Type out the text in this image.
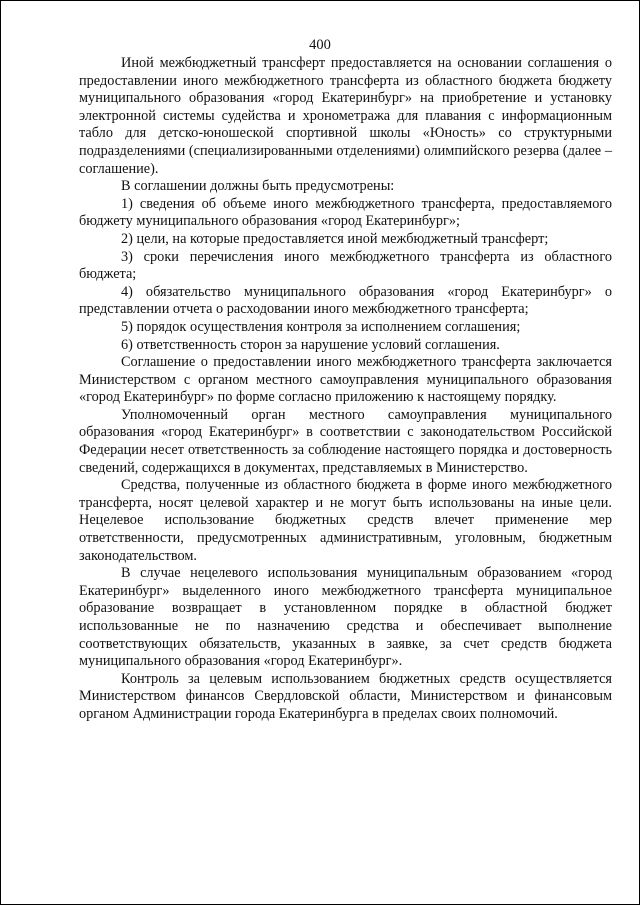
400

Иной межбюджетный трансферт предоставляется на основании соглашения о предоставлении иного межбюджетного трансферта из областного бюджета бюджету муниципального образования «город Екатеринбург» на приобретение и установку электронной системы судейства и хронометража для плавания с информационным табло для детско-юношеской спортивной школы «Юность» со структурными подразделениями (специализированными отделениями) олимпийского резерва (далее – соглашение).

В соглашении должны быть предусмотрены:

1) сведения об объеме иного межбюджетного трансферта, предоставляемого бюджету муниципального образования «город Екатеринбург»;

2) цели, на которые предоставляется иной межбюджетный трансферт;

3) сроки перечисления иного межбюджетного трансферта из областного бюджета;

4) обязательство муниципального образования «город Екатеринбург» о представлении отчета о расходовании иного межбюджетного трансферта;

5) порядок осуществления контроля за исполнением соглашения;

6) ответственность сторон за нарушение условий соглашения.

Соглашение о предоставлении иного межбюджетного трансферта заключается Министерством с органом местного самоуправления муниципального образования «город Екатеринбург» по форме согласно приложению к настоящему порядку.

Уполномоченный орган местного самоуправления муниципального образования «город Екатеринбург» в соответствии с законодательством Российской Федерации несет ответственность за соблюдение настоящего порядка и достоверность сведений, содержащихся в документах, представляемых в Министерство.

Средства, полученные из областного бюджета в форме иного межбюджетного трансферта, носят целевой характер и не могут быть использованы на иные цели. Нецелевое использование бюджетных средств влечет применение мер ответственности, предусмотренных административным, уголовным, бюджетным законодательством.

В случае нецелевого использования муниципальным образованием «город Екатеринбург» выделенного иного межбюджетного трансферта муниципальное образование возвращает в установленном порядке в областной бюджет использованные не по назначению средства и обеспечивает выполнение соответствующих обязательств, указанных в заявке, за счет средств бюджета муниципального образования «город Екатеринбург».

Контроль за целевым использованием бюджетных средств осуществляется Министерством финансов Свердловской области, Министерством и финансовым органом Администрации города Екатеринбурга в пределах своих полномочий.
